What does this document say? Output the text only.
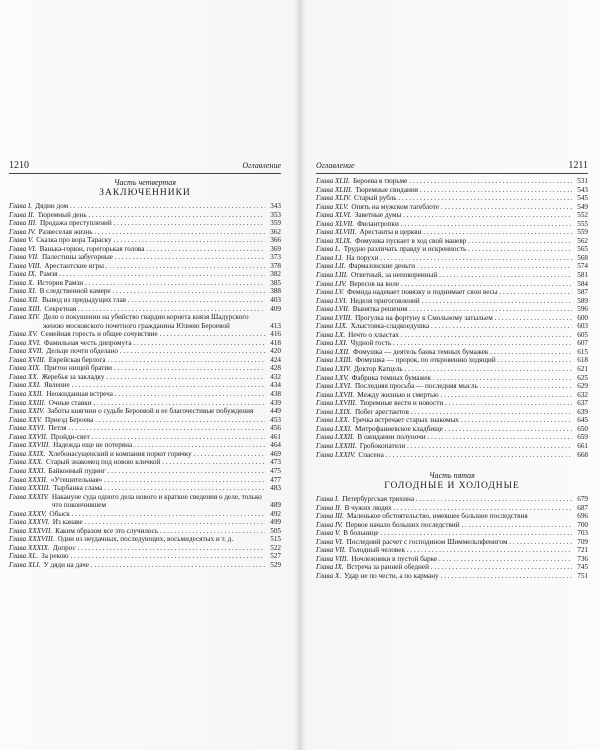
1210	Оглавление
Часть четвертая
ЗАКЛЮЧЕННИКИ
Глава I. Дядин дом . . .	343
Глава II. Тюремный день . . .	353
Глава III. Продажа преступлений . . .	359
Глава IV. Развеселая жизнь . . .	362
Глава V. Сказка про вора Тараску . . .	366
Глава VI. Ванька-горюн, горегорькая голова . . .	369
Глава VII. Палестины забугорные . . .	373
Глава VIII. Арестантские игры . . .	378
Глава IX. Рамзя . . .	382
Глава X. История Рамзи . . .	385
Глава XI. В следственной камере . . .	388
Глава XII. Вывод из предыдущих глав . . .	403
Глава XIII. Секретная . . .	409
Глава XIV. Дело о покушении на убийство гвардии корнета князя Шадурского женою московского почетного гражданина Юлиею Бероевой	413
Глава XV. Семейная горесть и общее сочувствие . . .	416
Глава XVI. Фамильная честь дипромута . . .	418
Глава XVII. Дельце почти обделано . . .	420
Глава XVIII. Еврейская берлога . . .	424
Глава XIX. Притон нищей братии . . .	428
Глава XX. Жеребья за закладку . . .	432
Глава XXI. Явление . . .	434
Глава XXII. Неожиданная встреча . . .	438
Глава XXIII. Очные ставки . . .	439
Глава XXIV. Заботы княгини о судьбе Бероевой и ее благочестивые побуждения	449
Глава XXV. Приезд Бероева . . .	453
Глава XXVI. Петля . . .	456
Глава XXVII. Пройди-свет . . .	461
Глава XXVIII. Надежда еще не потеряна . . .	464
Глава XXIX. Хлебонасущенский и компания порют горячку . . .	469
Глава XXX. Старый знакомец под новою кличкой . . .	473
Глава XXXI. Байконный пудинг . . .	475
Глава XXXII. «Утешительная» . . .	477
Глава XXXIII. Тырбанка слама . . .	483
Глава XXXIV. Накануне суда одного дела нового и краткие сведения о деле, только что покончившем	489
Глава XXXV. Обыск . . .	492
Глава XXXVI. Из канаве . . .	499
Глава XXXVII. Каким образом все это случилось . . .	505
Глава XXXVIII. Одни из неудачных, последующих, восьмидесятых и т. д.	515
Глава XXXIX. Допрос . . .	522
Глава XL. За рекою . . .	527
Глава XLI. У дяди на даче . . .	529
Оглавление	1211
Глава XLII. Бероева в тюрьме . . .	531
Глава XLIII. Тюремные свидания . . .	543
Глава XLIV. Старый рубль . . .	545
Глава XLV. Опять на мужском тагеблоте . . .	549
Глава XLVI. Заветные думы . . .	552
Глава XLVII. Филантропки . . .	555
Глава XLVIII. Арестанты в церкви . . .	559
Глава XLIX. Фомушка пускает в ход свой маневр . . .	562
Глава L. Трудно различать правду и искренность . . .	565
Глава LI. На порухи . . .	568
Глава LII. Фармазонские деньги . . .	574
Глава LIII. Ответный, за непокоренный . . .	581
Глава LIV. Вересов на воле . . .	584
Глава LV. Фемида надевает повязку и поднимает свои весы . . .	587
Глава LVI. Неделя пригоговлений . . .	589
Глава LVII. Вынятка решения . . .	596
Глава LVIII. Прогулка на фортуну к Смольному затыльем . . .	600
Глава LIX. Хлыстовка-сладкоедушка . . .	603
Глава LX. Нечто о хлыстах . . .	605
Глава LXI. Чудной гость . . .	607
Глава LXII. Фомушка — деятель банка темных бумажек . . .	615
Глава LXIII. Фомушка — пророк, по откровению ходящий . . .	618
Глава LXIV. Доктор Катцель . . .	621
Глава LXV. Фабрика темных бумажек . . .	625
Глава LXVI. Последняя просьба — последняя мысль . . .	629
Глава LXVII. Между жизнью и смертью . . .	632
Глава LXVIII. Тюремные вести и новости . . .	637
Глава LXIX. Побег арестантов . . .	639
Глава LXX. Гречка встречает старых знакомых . . .	645
Глава LXXI. Митрофаниевское кладбище . . .	650
Глава LXXII. В ожидании полуночи . . .	659
Глава LXXIII. Гробокопатели . . .	661
Глава LXXIV. Спасена . . .	668
Часть пятая
ГОЛОДНЫЕ И ХОЛОДНЫЕ
Глава I. Петербургская трихина . . .	679
Глава II. В чужих людях . . .	687
Глава III. Маленькое обстоятельство, имевшее большие последствия	696
Глава IV. Первое начало больших последствий . . .	700
Глава V. В больнице . . .	703
Глава VI. Последний расчет с господином Шиммельпфенигом . . .	709
Глава VII. Голодный человек . . .	721
Глава VIII. Ночлежники в пустой барке . . .	736
Глава IX. Встреча за ранней обедней . . .	745
Глава X. Удар не по чести, а по карману . . .	751
